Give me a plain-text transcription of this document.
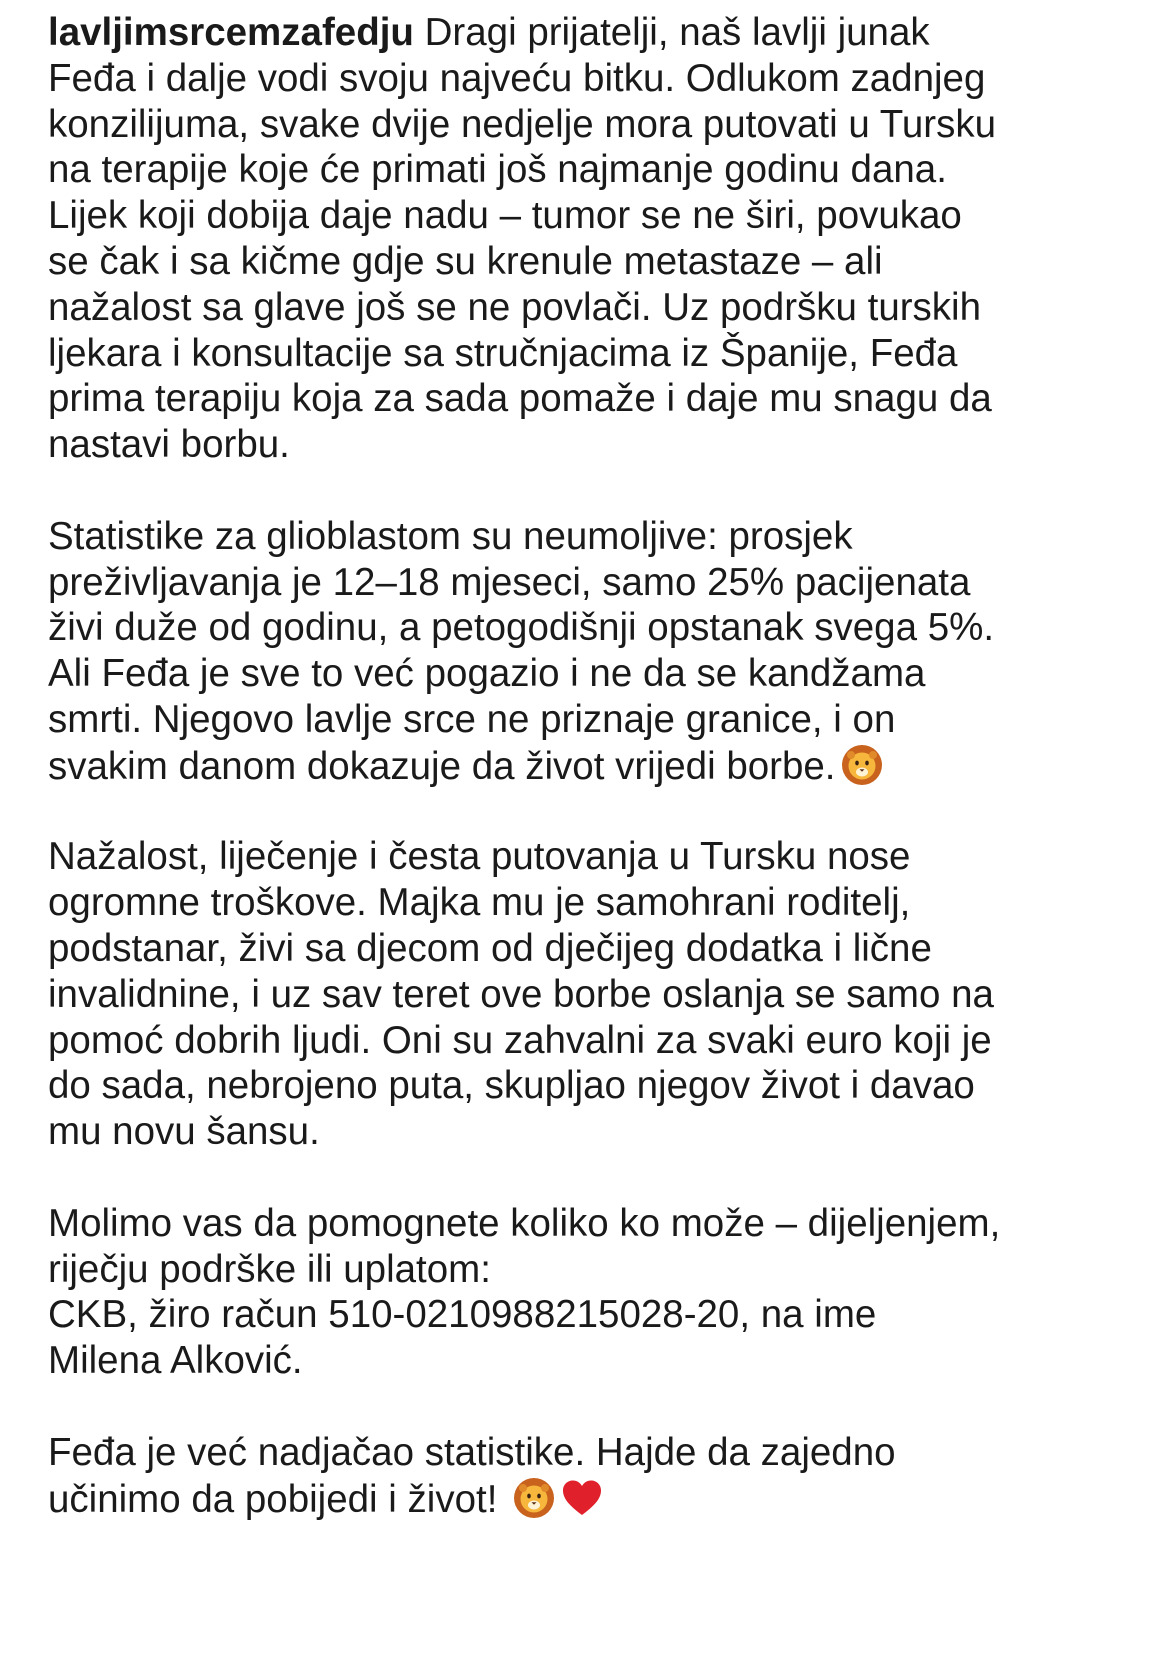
lavljimsrcemzafedju Dragi prijatelji, naš lavlji junak
Feđa i dalje vodi svoju najveću bitku. Odlukom zadnjeg
konzilijuma, svake dvije nedjelje mora putovati u Tursku
na terapije koje će primati još najmanje godinu dana.
Lijek koji dobija daje nadu – tumor se ne širi, povukao
se čak i sa kičme gdje su krenule metastaze – ali
nažalost sa glave još se ne povlači. Uz podršku turskih
ljekara i konsultacije sa stručnjacima iz Španije, Feđa
prima terapiju koja za sada pomaže i daje mu snagu da
nastavi borbu.
Statistike za glioblastom su neumoljive: prosjek
preživljavanja je 12–18 mjeseci, samo 25% pacijenata
živi duže od godinu, a petogodišnji opstanak svega 5%.
Ali Feđa je sve to već pogazio i ne da se kandžama
smrti. Njegovo lavlje srce ne priznaje granice, i on
svakim danom dokazuje da život vrijedi borbe.
Nažalost, liječenje i česta putovanja u Tursku nose
ogromne troškove. Majka mu je samohrani roditelj,
podstanar, živi sa djecom od dječijeg dodatka i lične
invalidnine, i uz sav teret ove borbe oslanja se samo na
pomoć dobrih ljudi. Oni su zahvalni za svaki euro koji je
do sada, nebrojeno puta, skupljao njegov život i davao
mu novu šansu.
Molimo vas da pomognete koliko ko može – dijeljenjem,
riječju podrške ili uplatom:
CKB, žiro račun 510-0210988215028-20, na ime
Milena Alković.
Feđa je već nadjačao statistike. Hajde da zajedno
učinimo da pobijedi i život!
